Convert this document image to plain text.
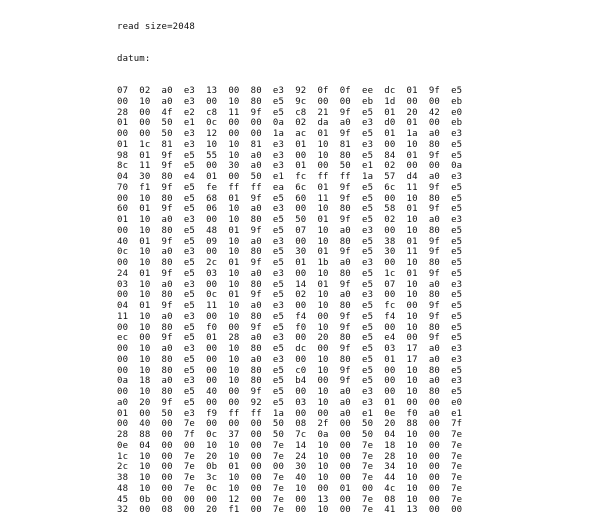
read size=2048

datum:

07  02  a0  e3  13  00  80  e3  92  0f  0f  ee  dc  01  9f  e5
00  10  a0  e3  00  10  80  e5  9c  00  00  eb  1d  00  00  eb
28  00  4f  e2  c8  11  9f  e5  c8  21  9f  e5  01  20  42  e0
01  00  50  e1  0c  00  00  0a  02  da  a0  e3  d0  01  00  eb
00  00  50  e3  12  00  00  1a  ac  01  9f  e5  01  1a  a0  e3
01  1c  81  e3  10  10  81  e3  01  10  81  e3  00  10  80  e5
98  01  9f  e5  55  10  a0  e3  00  10  80  e5  84  01  9f  e5
8c  11  9f  e5  00  30  a0  e3  01  00  50  e1  02  00  00  0a
04  30  80  e4  01  00  50  e1  fc  ff  ff  1a  57  d4  a0  e3
70  f1  9f  e5  fe  ff  ff  ea  6c  01  9f  e5  6c  11  9f  e5
00  10  80  e5  68  01  9f  e5  60  11  9f  e5  00  10  80  e5
60  01  9f  e5  06  10  a0  e3  00  10  80  e5  58  01  9f  e5
01  10  a0  e3  00  10  80  e5  50  01  9f  e5  02  10  a0  e3
00  10  80  e5  48  01  9f  e5  07  10  a0  e3  00  10  80  e5
40  01  9f  e5  09  10  a0  e3  00  10  80  e5  38  01  9f  e5
0c  10  a0  e3  00  10  80  e5  30  01  9f  e5  30  11  9f  e5
00  10  80  e5  2c  01  9f  e5  01  1b  a0  e3  00  10  80  e5
24  01  9f  e5  03  10  a0  e3  00  10  80  e5  1c  01  9f  e5
03  10  a0  e3  00  10  80  e5  14  01  9f  e5  07  10  a0  e3
00  10  80  e5  0c  01  9f  e5  02  10  a0  e3  00  10  80  e5
04  01  9f  e5  11  10  a0  e3  00  10  80  e5  fc  00  9f  e5
11  10  a0  e3  00  10  80  e5  f4  00  9f  e5  f4  10  9f  e5
00  10  80  e5  f0  00  9f  e5  f0  10  9f  e5  00  10  80  e5
ec  00  9f  e5  01  28  a0  e3  00  20  80  e5  e4  00  9f  e5
00  10  a0  e3  00  10  80  e5  dc  00  9f  e5  03  17  a0  e3
00  10  80  e5  00  10  a0  e3  00  10  80  e5  01  17  a0  e3
00  10  80  e5  00  10  80  e5  c0  10  9f  e5  00  10  80  e5
0a  18  a0  e3  00  10  80  e5  b4  00  9f  e5  00  10  a0  e3
00  10  80  e5  40  00  9f  e5  00  10  a0  e3  00  10  80  e5
a0  20  9f  e5  00  00  92  e5  03  10  a0  e3  01  00  00  e0
01  00  50  e3  f9  ff  ff  1a  00  00  a0  e1  0e  f0  a0  e1
00  40  00  7e  00  00  00  50  08  2f  00  50  20  88  00  7f
28  88  00  7f  0c  37  00  50  7c  0a  00  50  04  10  00  7e
0e  04  00  00  10  10  00  7e  14  10  00  7e  18  10  00  7e
1c  10  00  7e  20  10  00  7e  24  10  00  7e  28  10  00  7e
2c  10  00  7e  0b  01  00  00  30  10  00  7e  34  10  00  7e
38  10  00  7e  3c  10  00  7e  40  10  00  7e  44  10  00  7e
48  10  00  7e  0c  10  00  7e  10  00  01  00  4c  10  00  7e
45  0b  00  00  00  12  00  7e  00  13  00  7e  08  10  00  7e
32  00  08  00  20  f1  00  7e  00  10  00  7e  41  13  00  00
